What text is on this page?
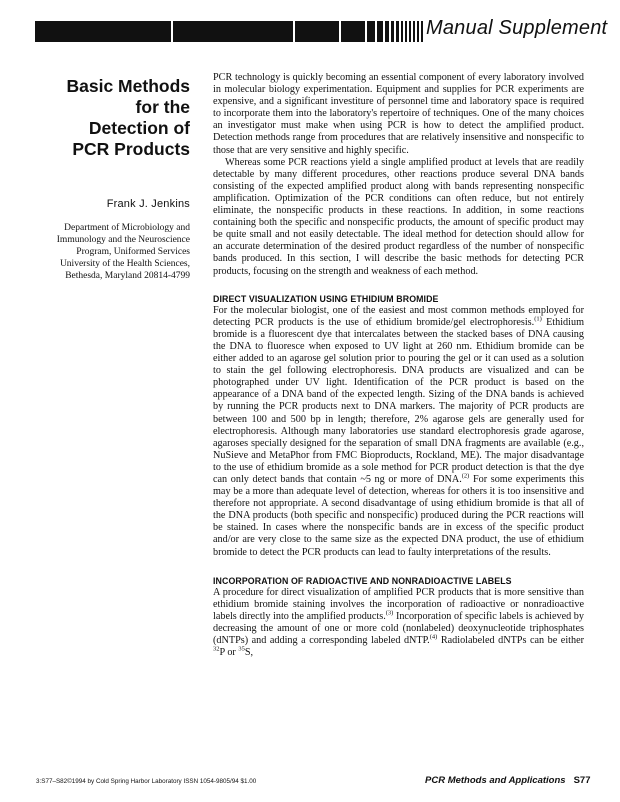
Manual Supplement
Basic Methods
for the
Detection of
PCR Products
Frank J. Jenkins
Department of Microbiology and
Immunology and the Neuroscience
Program, Uniformed Services
University of the Health Sciences,
Bethesda, Maryland 20814-4799

PCR technology is quickly becoming an essential component of every laboratory involved in molecular biology experimentation. Equipment and supplies for PCR experiments are expensive, and a significant investiture of personnel time and laboratory space is required to incorporate them into the laboratory's repertoire of techniques. One of the many choices an investigator must make when using PCR is how to detect the amplified product. Detection methods range from procedures that are relatively insensitive and nonspecific to those that are very sensitive and highly specific.

Whereas some PCR reactions yield a single amplified product at levels that are readily detectable by many different procedures, other reactions produce several DNA bands consisting of the expected amplified product along with bands representing nonspecific amplification. Optimization of the PCR conditions can often reduce, but not entirely eliminate, the nonspecific products in these reactions. In addition, in some reactions containing both the specific and nonspecific products, the amount of specific product may be quite small and not easily detectable. The ideal method for detection should allow for an accurate determination of the desired product regardless of the number of nonspecific bands produced. In this section, I will describe the basic methods for detecting PCR products, focusing on the strength and weakness of each method.

DIRECT VISUALIZATION USING ETHIDIUM BROMIDE

For the molecular biologist, one of the easiest and most common methods employed for detecting PCR products is the use of ethidium bromide/gel electrophoresis.$^{(1)}$ Ethidium bromide is a fluorescent dye that intercalates between the stacked bases of DNA causing the DNA to fluoresce when exposed to UV light at 260 nm. Ethidium bromide can be either added to an agarose gel solution prior to pouring the gel or it can used as a solution to stain the gel following electrophoresis. DNA products are visualized and can be photographed under UV light. Identification of the PCR product is based on the appearance of a DNA band of the expected length. Sizing of the DNA bands is achieved by running the PCR products next to DNA markers. The majority of PCR products are between 100 and 500 bp in length; therefore, 2% agarose gels are generally used for electrophoresis. Although many laboratories use standard electrophoresis grade agarose, agaroses specially designed for the separation of small DNA fragments are available (e.g., NuSieve and MetaPhor from FMC Bioproducts, Rockland, ME). The major disadvantage to the use of ethidium bromide as a sole method for PCR product detection is that the dye can only detect bands that contain ~5 ng or more of DNA.$^{(2)}$ For some experiments this may be a more than adequate level of detection, whereas for others it is too insensitive and therefore not appropriate. A second disadvantage of using ethidium bromide is that all of the DNA products (both specific and nonspecific) produced during the PCR reactions will be stained. In cases where the nonspecific bands are in excess of the specific product and/or are very close to the same size as the expected DNA product, the use of ethidium bromide to detect the PCR products can lead to faulty interpretations of the results.

INCORPORATION OF RADIOACTIVE AND NONRADIOACTIVE LABELS

A procedure for direct visualization of amplified PCR products that is more sensitive than ethidium bromide staining involves the incorporation of radioactive or nonradioactive labels directly into the amplified products.$^{(3)}$ Incorporation of specific labels is achieved by decreasing the amount of one or more cold (nonlabeled) deoxynucleotide triphosphates (dNTPs) and adding a corresponding labeled dNTP.$^{(4)}$ Radiolabeled dNTPs can be either $^{32}$P or $^{35}$S,

3:S77–S82©1994 by Cold Spring Harbor Laboratory ISSN 1054-9805/94 $1.00	PCR Methods and Applications S77
